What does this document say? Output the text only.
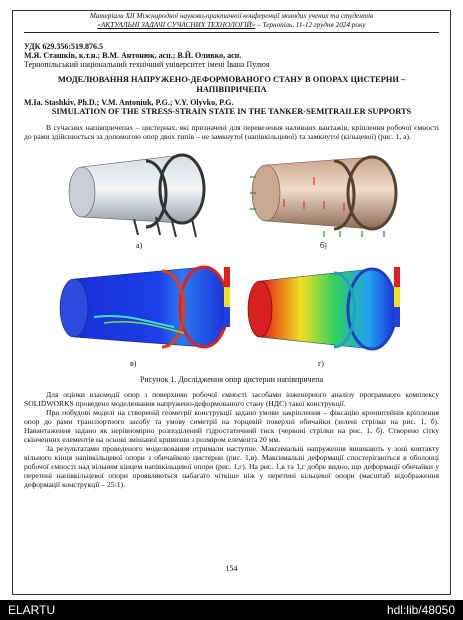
Матеріали XIІ Міжнародної науково-практичної конференції молодих учених та студентів
«АКТУАЛЬНІ ЗАДАЧІ СУЧАСНИХ ТЕХНОЛОГІЙ» – Тернопіль, 11-12 грудня 2024 року
УДК 629.356:519.876.5
М.Я. Сташків, к.т.н.; В.М. Антонюк, асп.; В.Й. Оливко, асп.
Тернопільський національний технічний університет імені Івана Пулюя
МОДЕЛЮВАННЯ НАПРУЖЕНО-ДЕФОРМОВАНОГО СТАНУ В ОПОРАХ ЦИСТЕРНИ – НАПІВПРИЧЕПА
M.Ia. Stashkiv, Ph.D.; V.M. Antoniuk, P.G.; V.Y. Olyvko, P.G.
SIMULATION OF THE STRESS-STRAIN STATE IN THE TANKER-SEMITRAILER SUPPORTS
В сучасних напівпричепах – цистернах, які призначені для перевезення наливних вантажів, кріплення робочої ємності до рами здійснюється за допомогою опор двох типів – не замкнутої (напівкільцевої) та замкнутої (кільцевої) (рис. 1, а).
а)	б)
в)	г)
Рисунок 1. Дослідження опор цистерни напівпричепа
Для оцінки взаємодії опор з поверхнею робочої ємності засобами інженерного аналізу програмного комплексу SOLIDWORKS проведено моделювання напружено-деформованого стану (НДС) такої конструкції.
При побудові моделі на створеній геометрії конструкції задано умови закріплення – фіксацію кронштейнів кріплення опор до рами транспортного засобу та умову симетрії на торцевій поверхні обичайки (зелені стрілки на рис. 1, б). Навантаження задано як нерівномірно розподілений гідростатичний тиск (червоні стрілки на рис. 1, б). Створено сітку скінченних елементів на основі змішаної кривизни з розміром елемента 20 мм.
За результатами проведеного моделювання отримали наступне. Максимальні напруження виникають у зоні контакту вільного кінця напівкільцевої опори з обичайкою цистерни (рис. 1,в). Максимальні деформації спостерігаються в оболонці робочої ємності над вільним кінцем напівкільцевої опори (рис. 1,г). На рис. 1,в та 1,г добре видно, що деформації обичайки у перетині напівкільцевої опори проявляються набагато чіткіше ніж у перетині кільцевої опори (масштаб відображення деформації конструкції – 25:1).
154
ELARTU	hdl:lib/48050
